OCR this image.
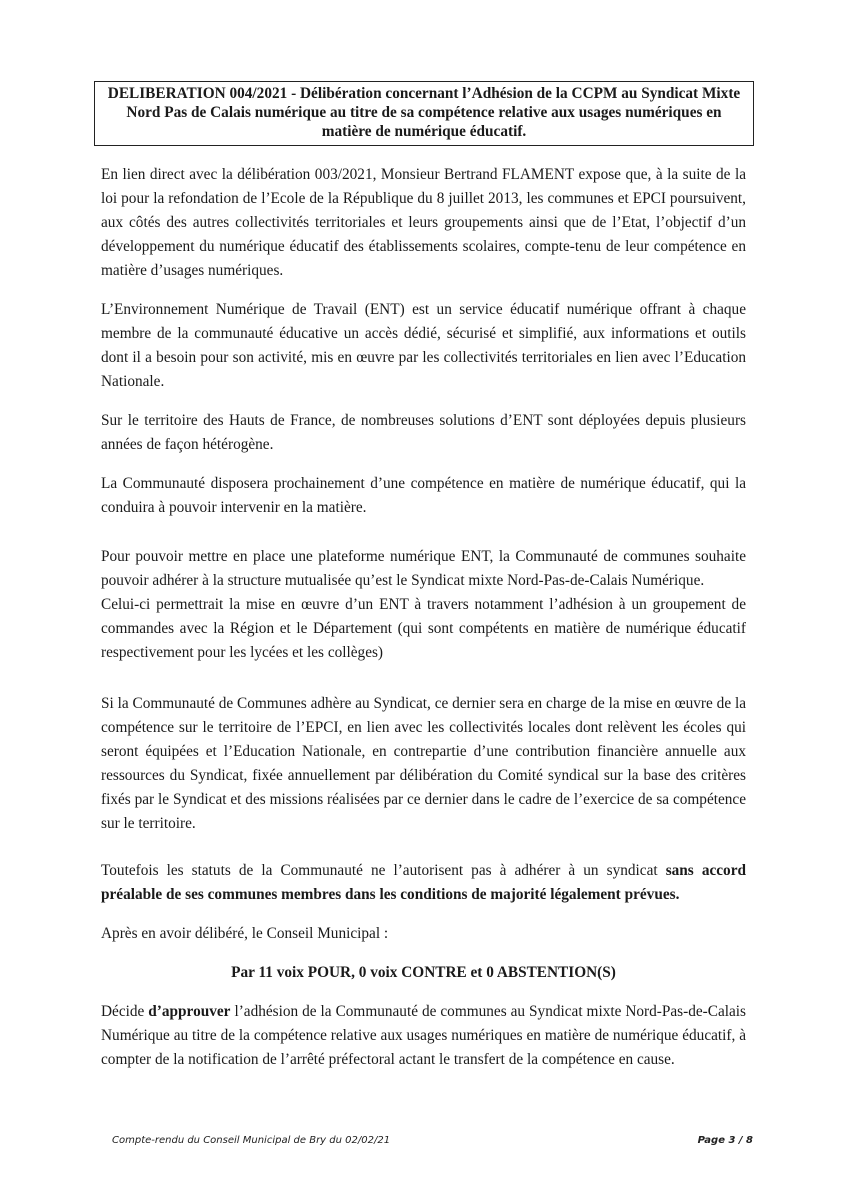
DELIBERATION 004/2021 - Délibération concernant l’Adhésion de la CCPM au Syndicat Mixte Nord Pas de Calais numérique au titre de sa compétence relative aux usages numériques en matière de numérique éducatif.

En lien direct avec la délibération 003/2021, Monsieur Bertrand FLAMENT expose que, à la suite de la loi pour la refondation de l’Ecole de la République du 8 juillet 2013, les communes et EPCI poursuivent, aux côtés des autres collectivités territoriales et leurs groupements ainsi que de l’Etat, l’objectif d’un développement du numérique éducatif des établissements scolaires, compte-tenu de leur compétence en matière d’usages numériques.

L’Environnement Numérique de Travail (ENT) est un service éducatif numérique offrant à chaque membre de la communauté éducative un accès dédié, sécurisé et simplifié, aux informations et outils dont il a besoin pour son activité, mis en œuvre par les collectivités territoriales en lien avec l’Education Nationale.

Sur le territoire des Hauts de France, de nombreuses solutions d’ENT sont déployées depuis plusieurs années de façon hétérogène.

La Communauté disposera prochainement d’une compétence en matière de numérique éducatif, qui la conduira à pouvoir intervenir en la matière.

Pour pouvoir mettre en place une plateforme numérique ENT, la Communauté de communes souhaite pouvoir adhérer à la structure mutualisée qu’est le Syndicat mixte Nord-Pas-de-Calais Numérique.

Celui-ci permettrait la mise en œuvre d’un ENT à travers notamment l’adhésion à un groupement de commandes avec la Région et le Département (qui sont compétents en matière de numérique éducatif respectivement pour les lycées et les collèges)

Si la Communauté de Communes adhère au Syndicat, ce dernier sera en charge de la mise en œuvre de la compétence sur le territoire de l’EPCI, en lien avec les collectivités locales dont relèvent les écoles qui seront équipées et l’Education Nationale, en contrepartie d’une contribution financière annuelle aux ressources du Syndicat, fixée annuellement par délibération du Comité syndical sur la base des critères fixés par le Syndicat et des missions réalisées par ce dernier dans le cadre de l’exercice de sa compétence sur le territoire.

Toutefois les statuts de la Communauté ne l’autorisent pas à adhérer à un syndicat sans accord préalable de ses communes membres dans les conditions de majorité légalement prévues.

Après en avoir délibéré, le Conseil Municipal :

Par 11 voix POUR, 0 voix CONTRE et 0 ABSTENTION(S)

Décide d’approuver l’adhésion de la Communauté de communes au Syndicat mixte Nord-Pas-de-Calais Numérique au titre de la compétence relative aux usages numériques en matière de numérique éducatif, à compter de la notification de l’arrêté préfectoral actant le transfert de la compétence en cause.

Compte-rendu du Conseil Municipal de Bry du 02/02/21	Page 3 / 8
